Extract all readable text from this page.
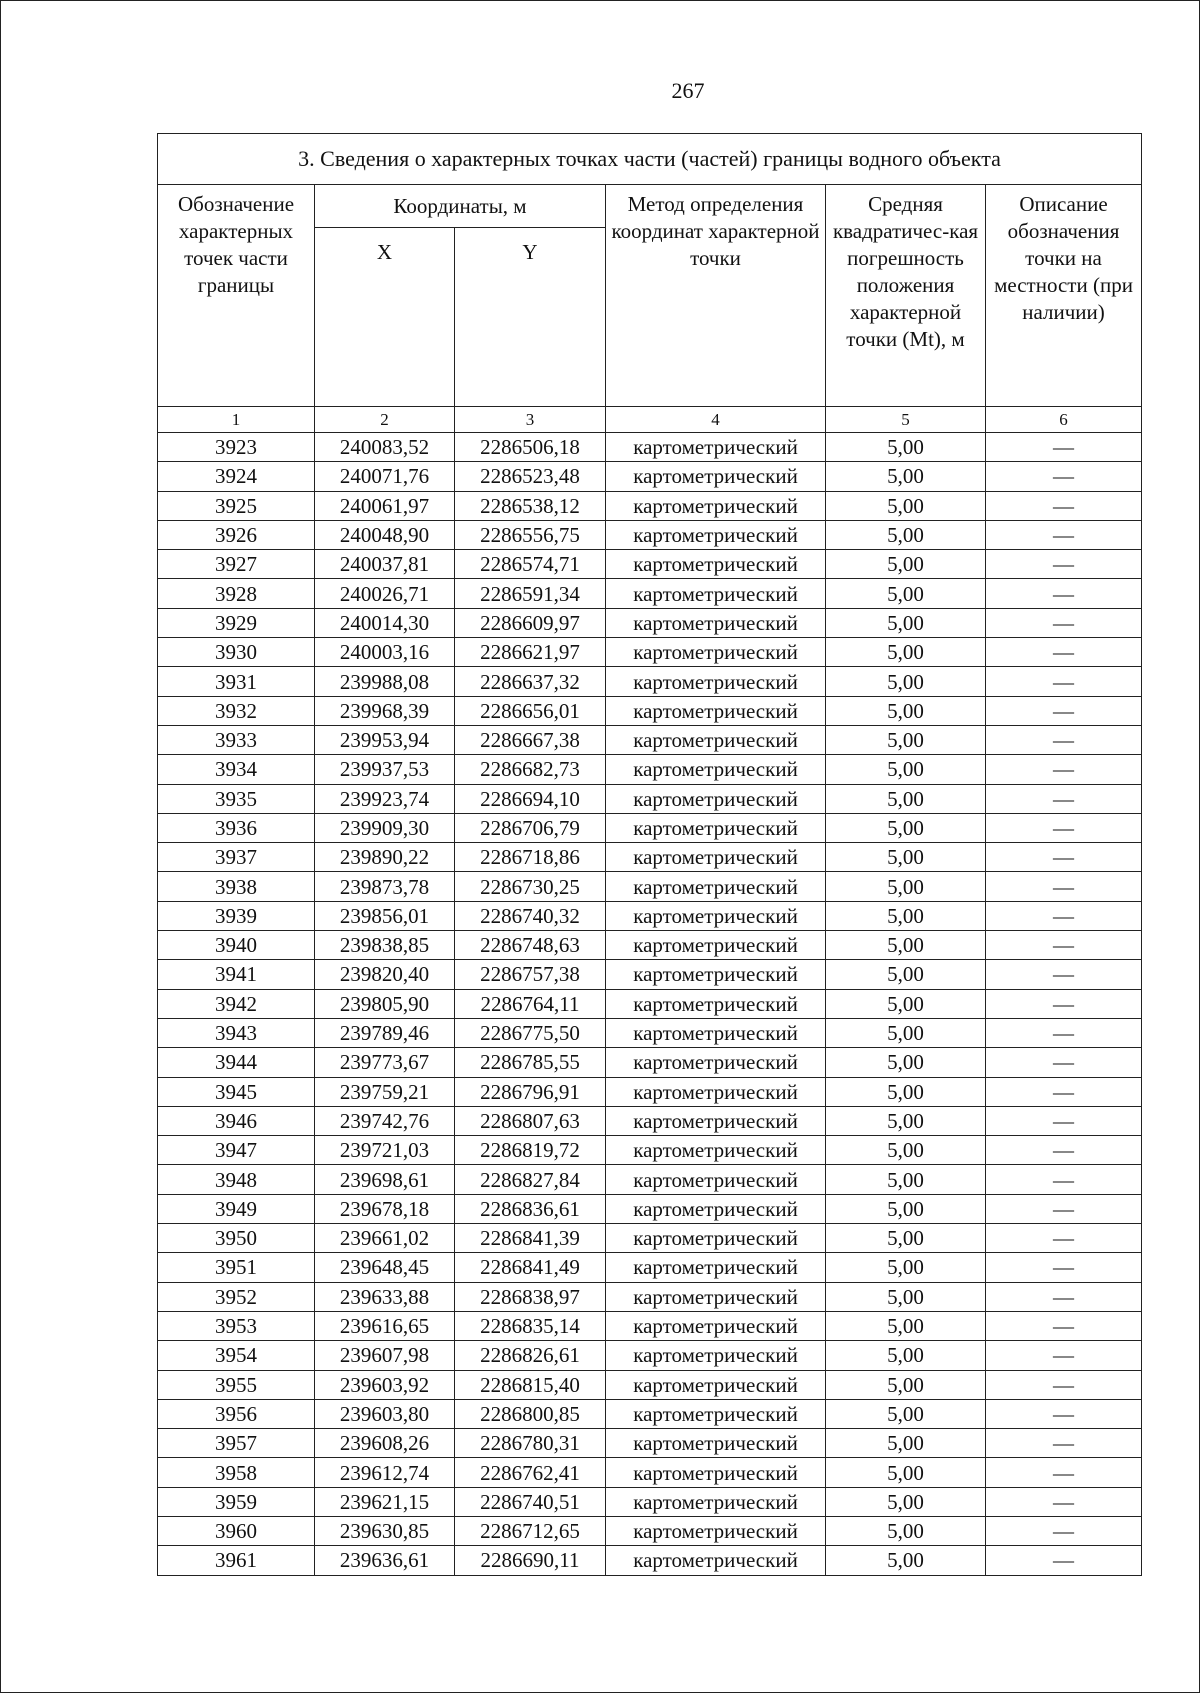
267
3. Сведения о характерных точках части (частей) границы водного объекта					
Обозначение характерных точек части границы	Координаты, м		Метод определения координат характерной точки	Средняя квадратичес-кая погрешность положения характерной точки (Mt), м	Описание обозначения точки на местности (при наличии)
	X	Y			
1	2	3	4	5	6
3923	240083,52	2286506,18	картометрический	5,00	—
3924	240071,76	2286523,48	картометрический	5,00	—
3925	240061,97	2286538,12	картометрический	5,00	—
3926	240048,90	2286556,75	картометрический	5,00	—
3927	240037,81	2286574,71	картометрический	5,00	—
3928	240026,71	2286591,34	картометрический	5,00	—
3929	240014,30	2286609,97	картометрический	5,00	—
3930	240003,16	2286621,97	картометрический	5,00	—
3931	239988,08	2286637,32	картометрический	5,00	—
3932	239968,39	2286656,01	картометрический	5,00	—
3933	239953,94	2286667,38	картометрический	5,00	—
3934	239937,53	2286682,73	картометрический	5,00	—
3935	239923,74	2286694,10	картометрический	5,00	—
3936	239909,30	2286706,79	картометрический	5,00	—
3937	239890,22	2286718,86	картометрический	5,00	—
3938	239873,78	2286730,25	картометрический	5,00	—
3939	239856,01	2286740,32	картометрический	5,00	—
3940	239838,85	2286748,63	картометрический	5,00	—
3941	239820,40	2286757,38	картометрический	5,00	—
3942	239805,90	2286764,11	картометрический	5,00	—
3943	239789,46	2286775,50	картометрический	5,00	—
3944	239773,67	2286785,55	картометрический	5,00	—
3945	239759,21	2286796,91	картометрический	5,00	—
3946	239742,76	2286807,63	картометрический	5,00	—
3947	239721,03	2286819,72	картометрический	5,00	—
3948	239698,61	2286827,84	картометрический	5,00	—
3949	239678,18	2286836,61	картометрический	5,00	—
3950	239661,02	2286841,39	картометрический	5,00	—
3951	239648,45	2286841,49	картометрический	5,00	—
3952	239633,88	2286838,97	картометрический	5,00	—
3953	239616,65	2286835,14	картометрический	5,00	—
3954	239607,98	2286826,61	картометрический	5,00	—
3955	239603,92	2286815,40	картометрический	5,00	—
3956	239603,80	2286800,85	картометрический	5,00	—
3957	239608,26	2286780,31	картометрический	5,00	—
3958	239612,74	2286762,41	картометрический	5,00	—
3959	239621,15	2286740,51	картометрический	5,00	—
3960	239630,85	2286712,65	картометрический	5,00	—
3961	239636,61	2286690,11	картометрический	5,00	—
